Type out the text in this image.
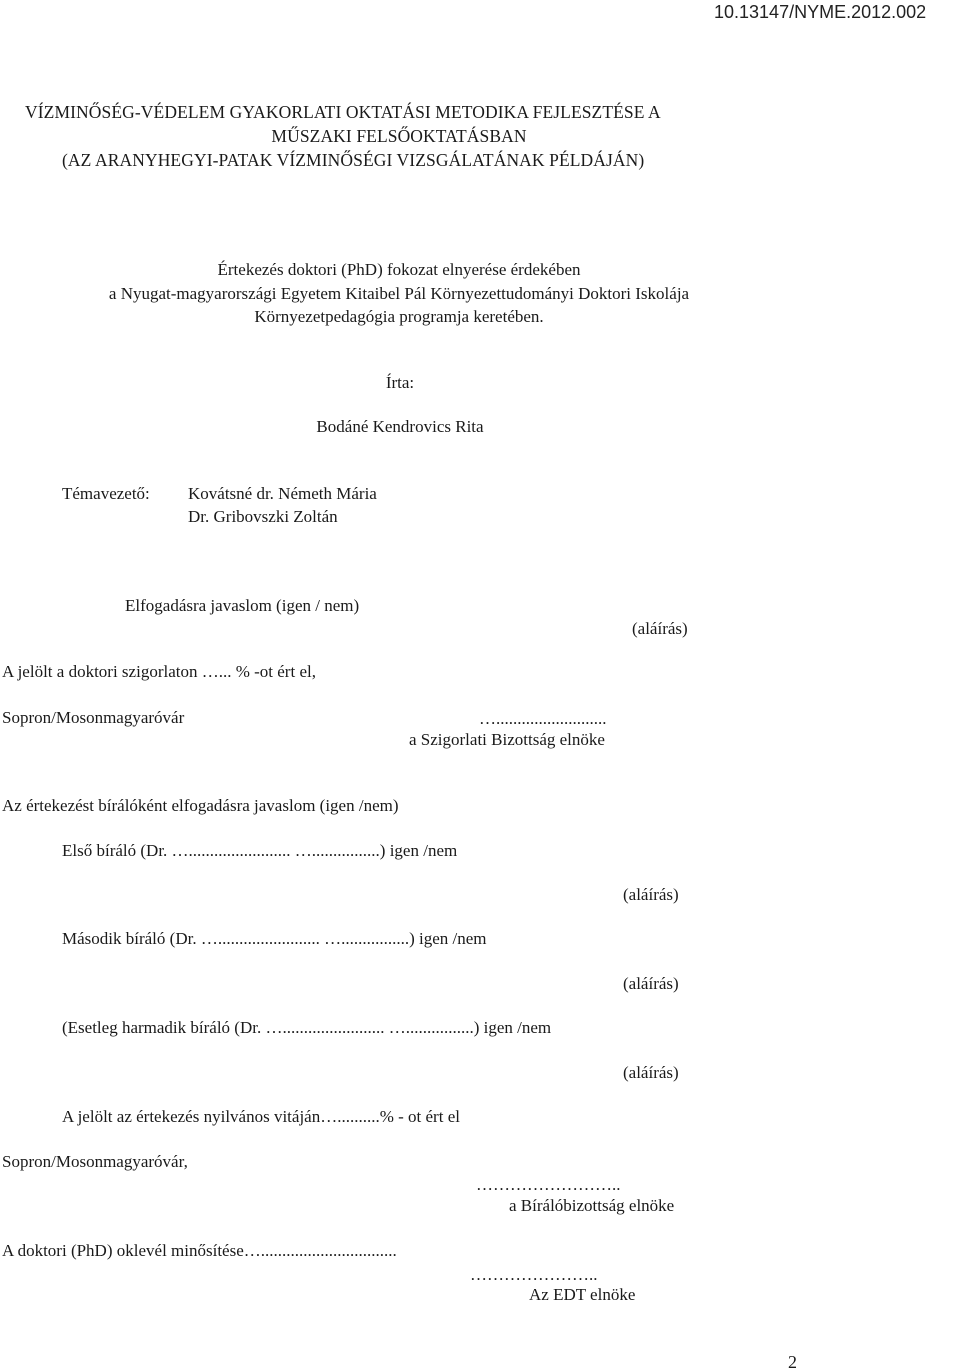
10.13147/NYME.2012.002
VÍZMINŐSÉG-VÉDELEM GYAKORLATI OKTATÁSI METODIKA FEJLESZTÉSE A
MŰSZAKI FELSŐOKTATÁSBAN
(AZ ARANYHEGYI-PATAK VÍZMINŐSÉGI VIZSGÁLATÁNAK PÉLDÁJÁN)
Értekezés doktori (PhD) fokozat elnyerése érdekében
a Nyugat-magyarországi Egyetem Kitaibel Pál Környezettudományi Doktori Iskolája
Környezetpedagógia programja keretében.
Írta:
Bodáné Kendrovics Rita
Témavezető: Kovátsné dr. Németh Mária
Dr. Gribovszki Zoltán
Elfogadásra javaslom (igen / nem)
(aláírás)
A jelölt a doktori szigorlaton …... % -ot ért el,
Sopron/Mosonmagyaróvár	…..........................
a Szigorlati Bizottság elnöke
Az értekezést bírálóként elfogadásra javaslom (igen /nem)
Első bíráló (Dr. …........................ …................) igen /nem
(aláírás)
Második bíráló (Dr. …........................ …................) igen /nem
(aláírás)
(Esetleg harmadik bíráló (Dr. …........................ …................) igen /nem
(aláírás)
A jelölt az értekezés nyilvános vitáján…..........% - ot ért el
Sopron/Mosonmagyaróvár,
……………………..
a Bírálóbizottság elnöke
A doktori (PhD) oklevél minősítése…................................
…………………..
Az EDT elnöke
2
